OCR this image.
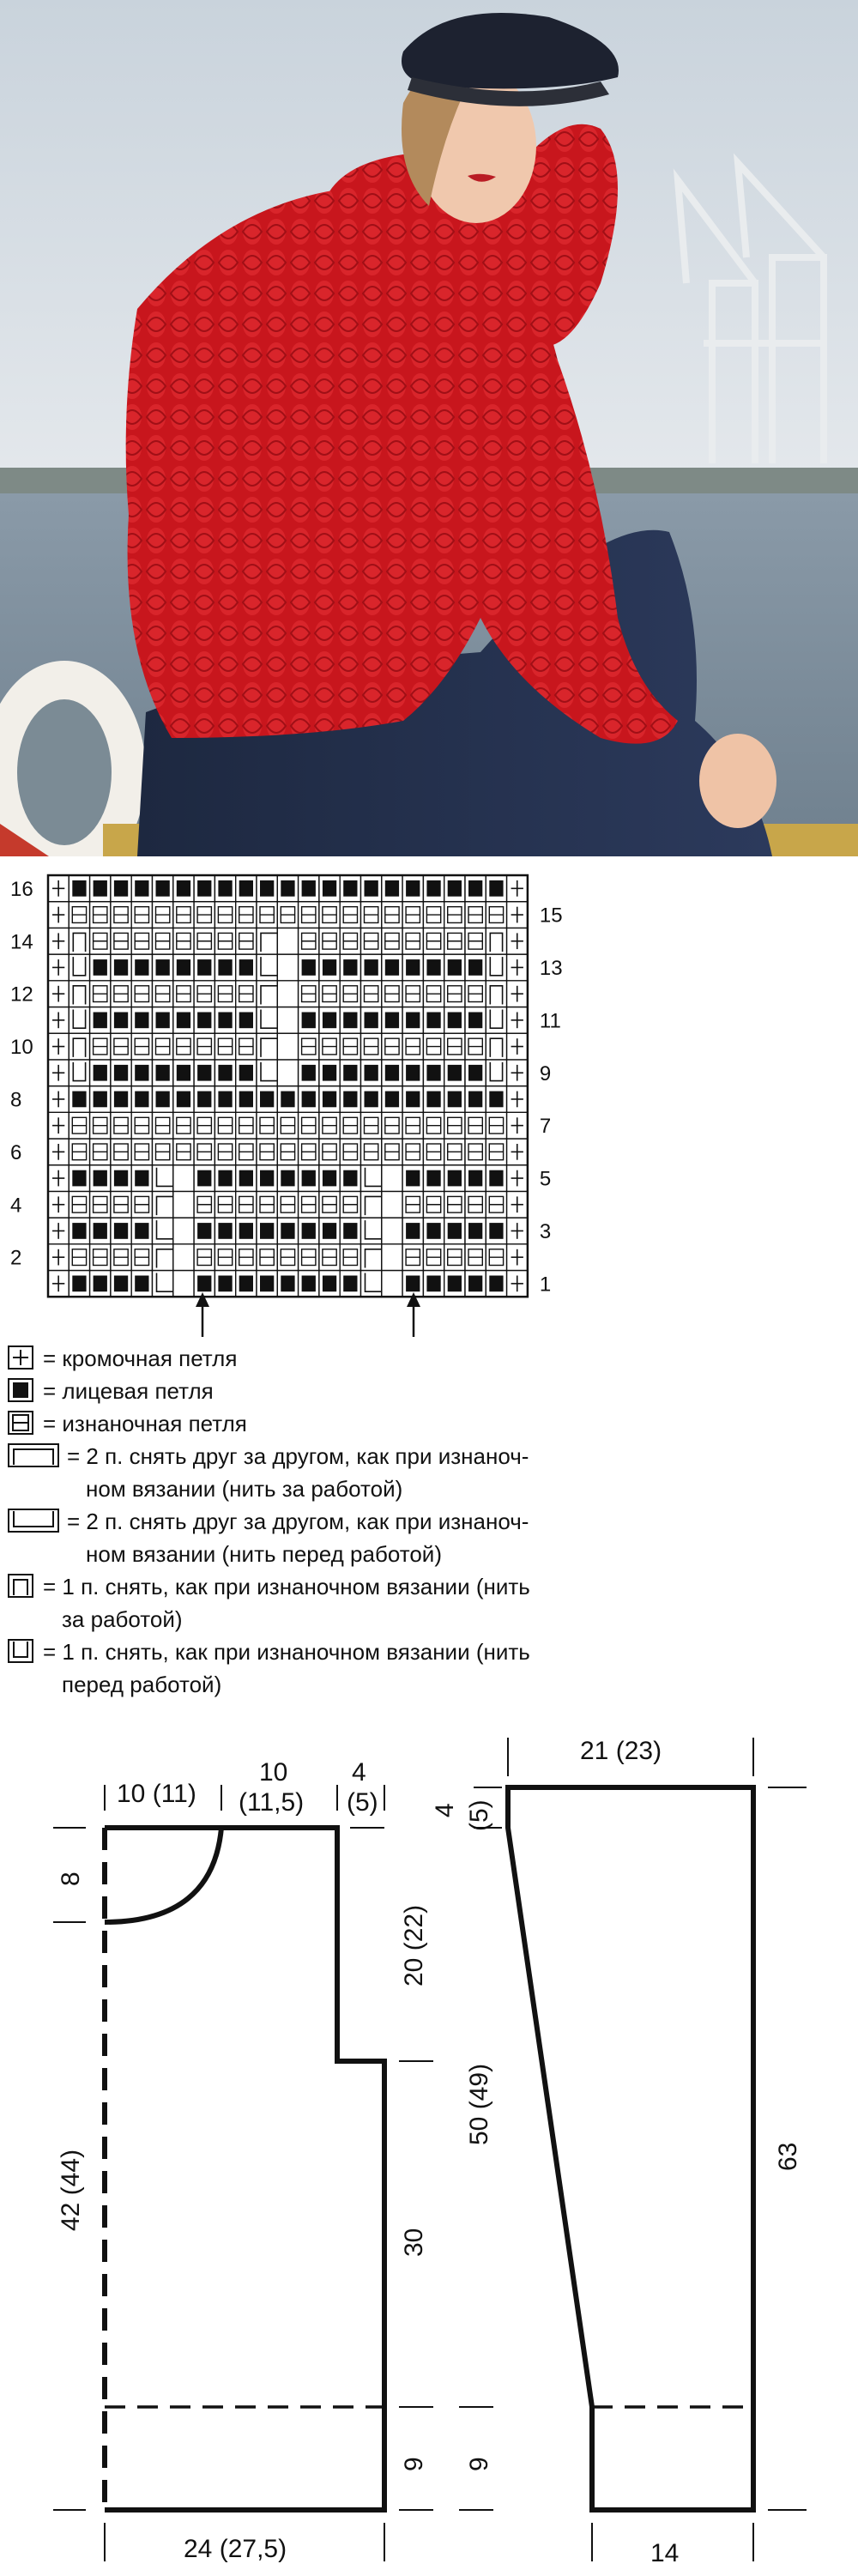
16
14
12
10
8
6
4
2
15
13
11
9
7
5
3
1
= кромочная петля
= лицевая петля
= изнаночная петля
= 2 п. снять друг за другом, как при изнаноч-
ном вязании (нить за работой)
= 2 п. снять друг за другом, как при изнаноч-
ном вязании (нить перед работой)
= 1 п. снять, как при изнаночном вязании (нить
за работой)
= 1 п. снять, как при изнаночном вязании (нить
перед работой)
10 (11)
10
(11,5)
4
(5)
8
20 (22)
42 (44)
30
9
24 (27,5)
21 (23)
4 (5)
50 (49)
63
9
14
